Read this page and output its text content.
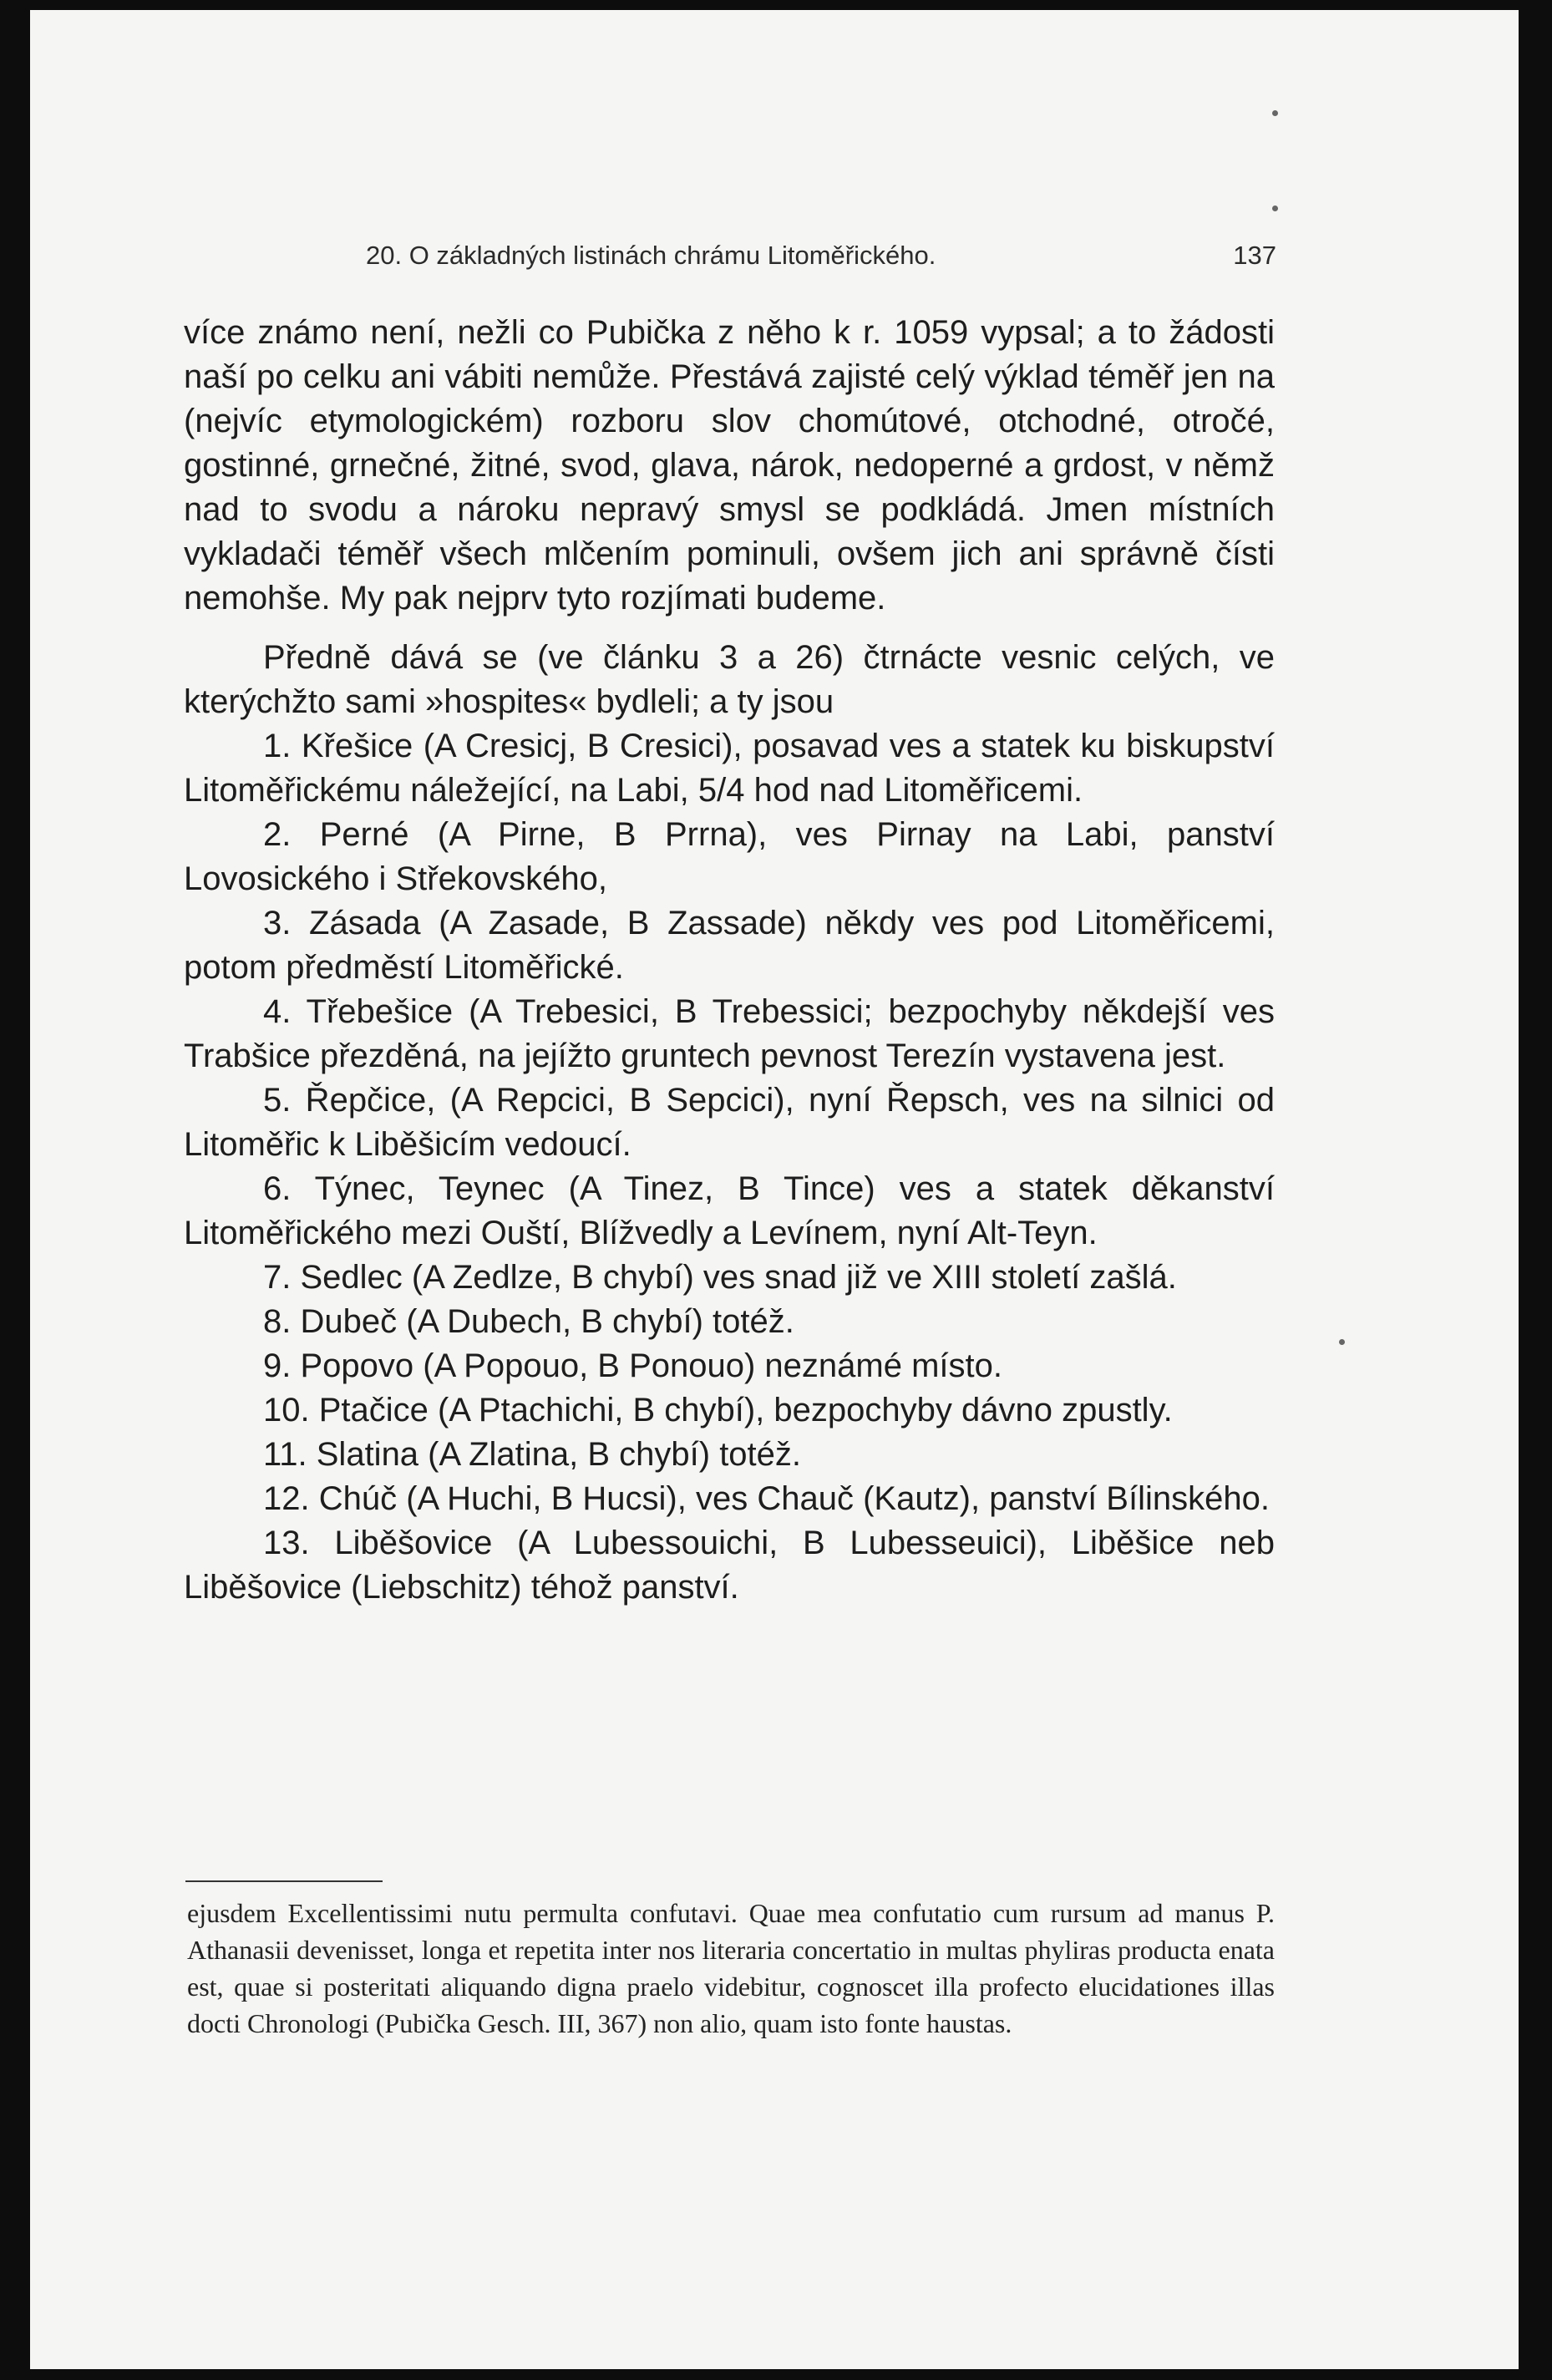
20. O základných listinách chrámu Litoměřického.	137

více známo není, nežli co Pubička z něho k r. 1059 vypsal; a to žádosti naší po celku ani vábiti nemůže. Přestává zajisté celý výklad téměř jen na (nejvíc etymologickém) rozboru slov chomútové, otchodné, otročé, gostinné, grnečné, žitné, svod, glava, nárok, nedoperné a grdost, v němž nad to svodu a nároku nepravý smysl se podkládá. Jmen místních vykladači téměř všech mlčením pominuli, ovšem jich ani správně čísti nemohše. My pak nejprv tyto rozjímati budeme.

Předně dává se (ve článku 3 a 26) čtrnácte vesnic celých, ve kterýchžto sami »hospites« bydleli; a ty jsou

1. Křešice (A Cresicj, B Cresici), posavad ves a statek ku biskupství Litoměřickému náležející, na Labi, 5/4 hod nad Litoměřicemi.

2. Perné (A Pirne, B Prrna), ves Pirnay na Labi, panství Lovosického i Střekovského,

3. Zásada (A Zasade, B Zassade) někdy ves pod Litoměřicemi, potom předměstí Litoměřické.

4. Třebešice (A Trebesici, B Trebessici; bezpochyby někdejší ves Trabšice přezděná, na jejížto gruntech pevnost Terezín vystavena jest.

5. Řepčice, (A Repcici, B Sepcici), nyní Řepsch, ves na silnici od Litoměřic k Liběšicím vedoucí.

6. Týnec, Teynec (A Tinez, B Tince) ves a statek děkanství Litoměřického mezi Ouští, Blížvedly a Levínem, nyní Alt-Teyn.

7. Sedlec (A Zedlze, B chybí) ves snad již ve XIII století zašlá.

8. Dubeč (A Dubech, B chybí) totéž.

9. Popovo (A Popouo, B Ponouo) neznámé místo.

10. Ptačice (A Ptachichi, B chybí), bezpochyby dávno zpustly.

11. Slatina (A Zlatina, B chybí) totéž.

12. Chúč (A Huchi, B Hucsi), ves Chauč (Kautz), panství Bílinského.

13. Liběšovice (A Lubessouichi, B Lubesseuici), Liběšice neb Liběšovice (Liebschitz) téhož panství.

ejusdem Excellentissimi nutu permulta confutavi. Quae mea confutatio cum rursum ad manus P. Athanasii devenisset, longa et repetita inter nos literaria concertatio in multas phyliras producta enata est, quae si posteritati aliquando digna praelo videbitur, cognoscet illa profecto elucidationes illas docti Chronologi (Pubička Gesch. III, 367) non alio, quam isto fonte haustas.
